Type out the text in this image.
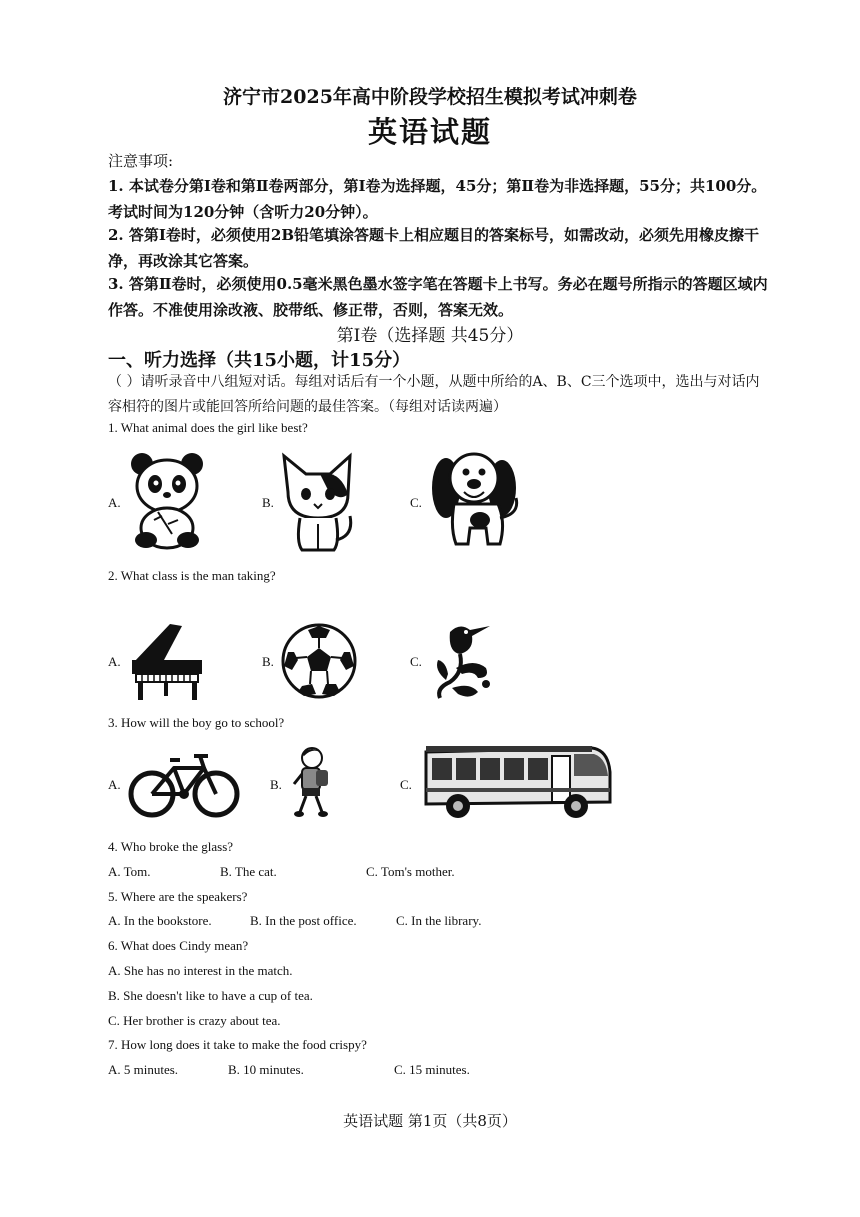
济宁市2025年高中阶段学校招生模拟考试冲刺卷
英语试题
注意事项:
1. 本试卷分第Ⅰ卷和第Ⅱ卷两部分，第Ⅰ卷为选择题，45分；第Ⅱ卷为非选择题，55分；共100分。考试时间为120分钟（含听力20分钟）。
2. 答第Ⅰ卷时，必须使用2B铅笔填涂答题卡上相应题目的答案标号，如需改动，必须先用橡皮擦干净，再改涂其它答案。
3. 答第Ⅱ卷时，必须使用0.5毫米黑色墨水签字笔在答题卡上书写。务必在题号所指示的答题区域内作答。不准使用涂改液、胶带纸、修正带，否则，答案无效。
第Ⅰ卷（选择题 共45分）
一、听力选择（共15小题，计15分）
（ ）请听录音中八组短对话。每组对话后有一个小题，从题中所给的A、B、C三个选项中，选出与对话内容相符的图片或能回答所给问题的最佳答案。（每组对话读两遍）
1. What animal does the girl like best?
A.	B.	C.
2. What class is the man taking?
A.	B.	C.
3. How will the boy go to school?
A.	B.	C.
4. Who broke the glass?
A. Tom.	B. The cat.	C. Tom's mother.
5. Where are the speakers?
A. In the bookstore.	B. In the post office.	C. In the library.
6. What does Cindy mean?
A. She has no interest in the match.
B. She doesn't like to have a cup of tea.
C. Her brother is crazy about tea.
7. How long does it take to make the food crispy?
A. 5 minutes.	B. 10 minutes.	C. 15 minutes.
英语试题 第1页（共8页）
